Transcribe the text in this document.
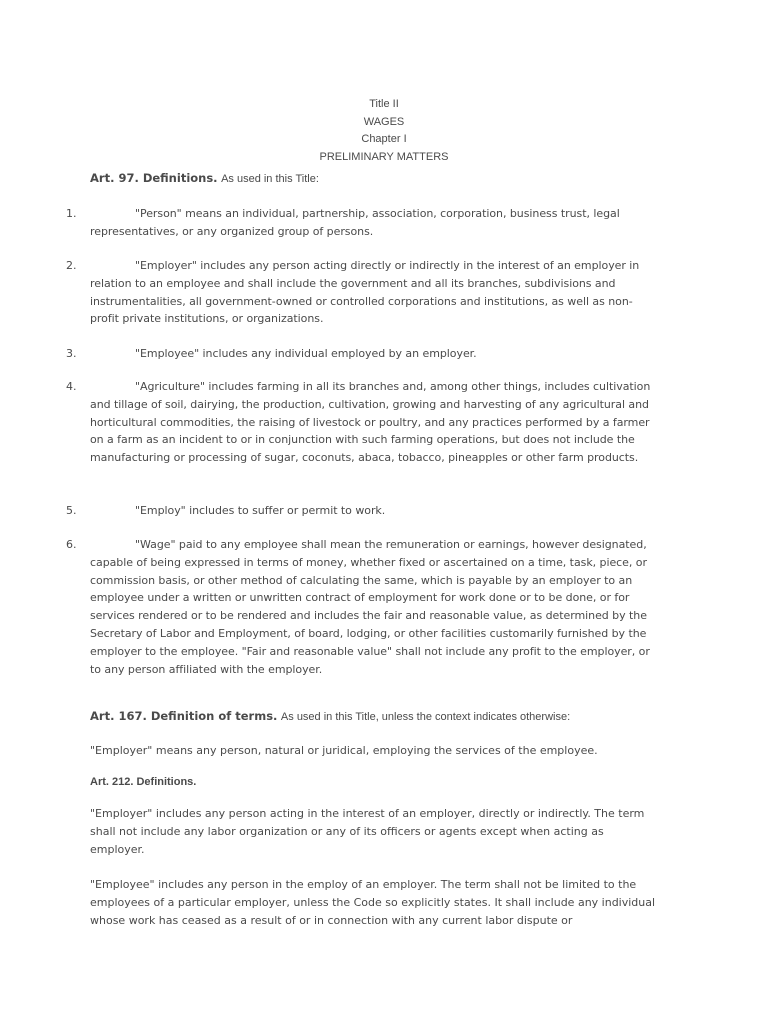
Title II
WAGES
Chapter I
PRELIMINARY MATTERS
Art. 97. Definitions. As used in this Title:
1.	"Person" means an individual, partnership, association, corporation, business trust, legal representatives, or any organized group of persons.

2.	"Employer" includes any person acting directly or indirectly in the interest of an employer in relation to an employee and shall include the government and all its branches, subdivisions and instrumentalities, all government-owned or controlled corporations and institutions, as well as non-profit private institutions, or organizations.

3.	"Employee" includes any individual employed by an employer.

4.	"Agriculture" includes farming in all its branches and, among other things, includes cultivation and tillage of soil, dairying, the production, cultivation, growing and harvesting of any agricultural and horticultural commodities, the raising of livestock or poultry, and any practices performed by a farmer on a farm as an incident to or in conjunction with such farming operations, but does not include the manufacturing or processing of sugar, coconuts, abaca, tobacco, pineapples or other farm products.

5.	"Employ" includes to suffer or permit to work.

6.	"Wage" paid to any employee shall mean the remuneration or earnings, however designated, capable of being expressed in terms of money, whether fixed or ascertained on a time, task, piece, or commission basis, or other method of calculating the same, which is payable by an employer to an employee under a written or unwritten contract of employment for work done or to be done, or for services rendered or to be rendered and includes the fair and reasonable value, as determined by the Secretary of Labor and Employment, of board, lodging, or other facilities customarily furnished by the employer to the employee. "Fair and reasonable value" shall not include any profit to the employer, or to any person affiliated with the employer.

Art. 167. Definition of terms. As used in this Title, unless the context indicates otherwise:

"Employer" means any person, natural or juridical, employing the services of the employee.

Art. 212. Definitions.

"Employer" includes any person acting in the interest of an employer, directly or indirectly. The term shall not include any labor organization or any of its officers or agents except when acting as employer.

"Employee" includes any person in the employ of an employer. The term shall not be limited to the employees of a particular employer, unless the Code so explicitly states. It shall include any individual whose work has ceased as a result of or in connection with any current labor dispute or
